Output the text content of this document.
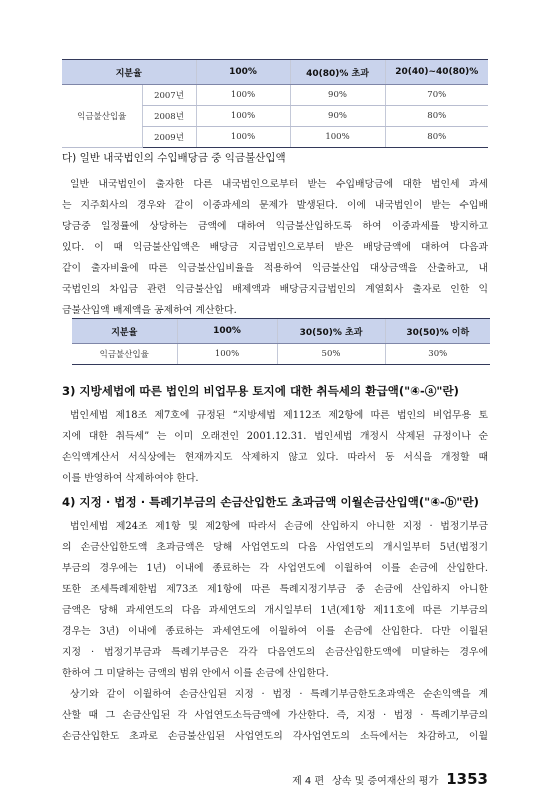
지분율		100%	40(80)% 초과	20(40)~40(80)%
익금불산입율	2007년	100%	90%	70%
	2008년	100%	90%	80%
	2009년	100%	100%	80%
다) 일반 내국법인의 수입배당금 중 익금불산입액
일반 내국법인이 출자한 다른 내국법인으로부터 받는 수입배당금에 대한 법인세 과세
는 지주회사의 경우와 같이 이중과세의 문제가 발생된다. 이에 내국법인이 받는 수입배
당금중 일정률에 상당하는 금액에 대하여 익금불산입하도록 하여 이중과세를 방지하고
있다. 이 때 익금불산입액은 배당금 지급법인으로부터 받은 배당금액에 대하여 다음과
같이 출자비율에 따른 익금불산입비율을 적용하여 익금불산입 대상금액을 산출하고, 내
국법인의 차입금 관련 익금불산입 배제액과 배당금지급법인의 계열회사 출자로 인한 익
금불산입액 배제액을 공제하여 계산한다.
지분율	100%	30(50)% 초과	30(50)% 이하
익금불산입율	100%	50%	30%
3) 지방세법에 따른 법인의 비업무용 토지에 대한 취득세의 환급액("④-ⓐ"란)
법인세법 제18조 제7호에 규정된 “지방세법 제112조 제2항에 따른 법인의 비업무용 토
지에 대한 취득세” 는 이미 오래전인 2001.12.31. 법인세법 개정시 삭제된 규정이나 순
손익액계산서 서식상에는 현재까지도 삭제하지 않고 있다. 따라서 동 서식을 개정할 때
이를 반영하여 삭제하여야 한다.
4) 지정 · 법정 · 특례기부금의 손금산입한도 초과금액 이월손금산입액("④-ⓑ"란)
법인세법 제24조 제1항 및 제2항에 따라서 손금에 산입하지 아니한 지정 · 법정기부금
의 손금산입한도액 초과금액은 당해 사업연도의 다음 사업연도의 개시일부터 5년(법정기
부금의 경우에는 1년) 이내에 종료하는 각 사업연도에 이월하여 이를 손금에 산입한다.
또한 조세특례제한법 제73조 제1항에 따른 특례지정기부금 중 손금에 산입하지 아니한
금액은 당해 과세연도의 다음 과세연도의 개시일부터 1년(제1항 제11호에 따른 기부금의
경우는 3년) 이내에 종료하는 과세연도에 이월하여 이를 손금에 산입한다. 다만 이월된
지정 · 법정기부금과 특례기부금은 각각 다음연도의 손금산입한도액에 미달하는 경우에
한하여 그 미달하는 금액의 범위 안에서 이를 손금에 산입한다.
상기와 같이 이월하여 손금산입된 지정 · 법정 · 특례기부금한도초과액은 순손익액을 계
산할 때 그 손금산입된 각 사업연도소득금액에 가산한다. 즉, 지정 · 법정 · 특례기부금의
손금산입한도 초과로 손금불산입된 사업연도의 각사업연도의 소득에서는 차감하고, 이월
제 4 편 상속 및 증여재산의 평가 1353
